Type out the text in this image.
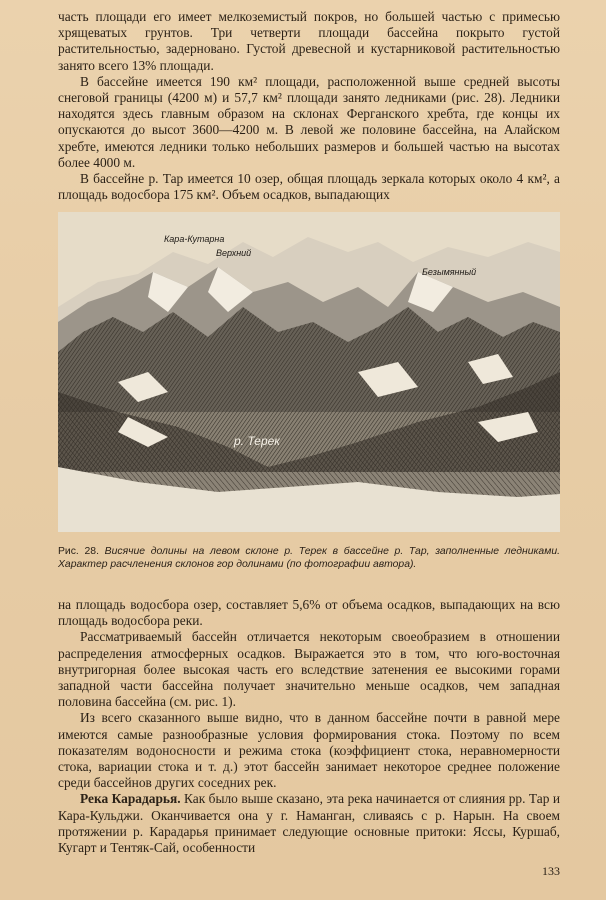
часть площади его имеет мелкоземистый покров, но большей частью с примесью хрящеватых грунтов. Три четверти площади бассейна покрыто густой растительностью, задерновано. Густой древесной и кустарниковой растительностью занято всего 13% площади.

В бассейне имеется 190 км² площади, расположенной выше средней высоты снеговой границы (4200 м) и 57,7 км² площади занято ледниками (рис. 28). Ледники находятся здесь главным образом на склонах Ферганского хребта, где концы их опускаются до высот 3600—4200 м. В левой же половине бассейна, на Алайском хребте, имеются ледники только небольших размеров и большей частью на высотах более 4000 м.

В бассейне р. Тар имеется 10 озер, общая площадь зеркала которых около 4 км², а площадь водосбора 175 км². Объем осадков, выпадающих

Кара-Кутарна
Верхний
Безымянный
р. Терек
Рис. 28. Висячие долины на левом склоне р. Терек в бассейне р. Тар, заполненные ледниками. Характер расчленения склонов гор долинами (по фотографии автора).

на площадь водосбора озер, составляет 5,6% от объема осадков, выпадающих на всю площадь водосбора реки.

Рассматриваемый бассейн отличается некоторым своеобразием в отношении распределения атмосферных осадков. Выражается это в том, что юго-восточная внутригорная более высокая часть его вследствие затенения ее высокими горами западной части бассейна получает значительно меньше осадков, чем западная половина бассейна (см. рис. 1).

Из всего сказанного выше видно, что в данном бассейне почти в равной мере имеются самые разнообразные условия формирования стока. Поэтому по всем показателям водоносности и режима стока (коэффициент стока, неравномерности стока, вариации стока и т. д.) этот бассейн занимает некоторое среднее положение среди бассейнов других соседних рек.

Река Карадарья. Как было выше сказано, эта река начинается от слияния рр. Тар и Кара-Кульджи. Оканчивается она у г. Наманган, сливаясь с р. Нарын. На своем протяжении р. Карадарья принимает следующие основные притоки: Яссы, Куршаб, Кугарт и Тентяк-Сай, особенности

133
